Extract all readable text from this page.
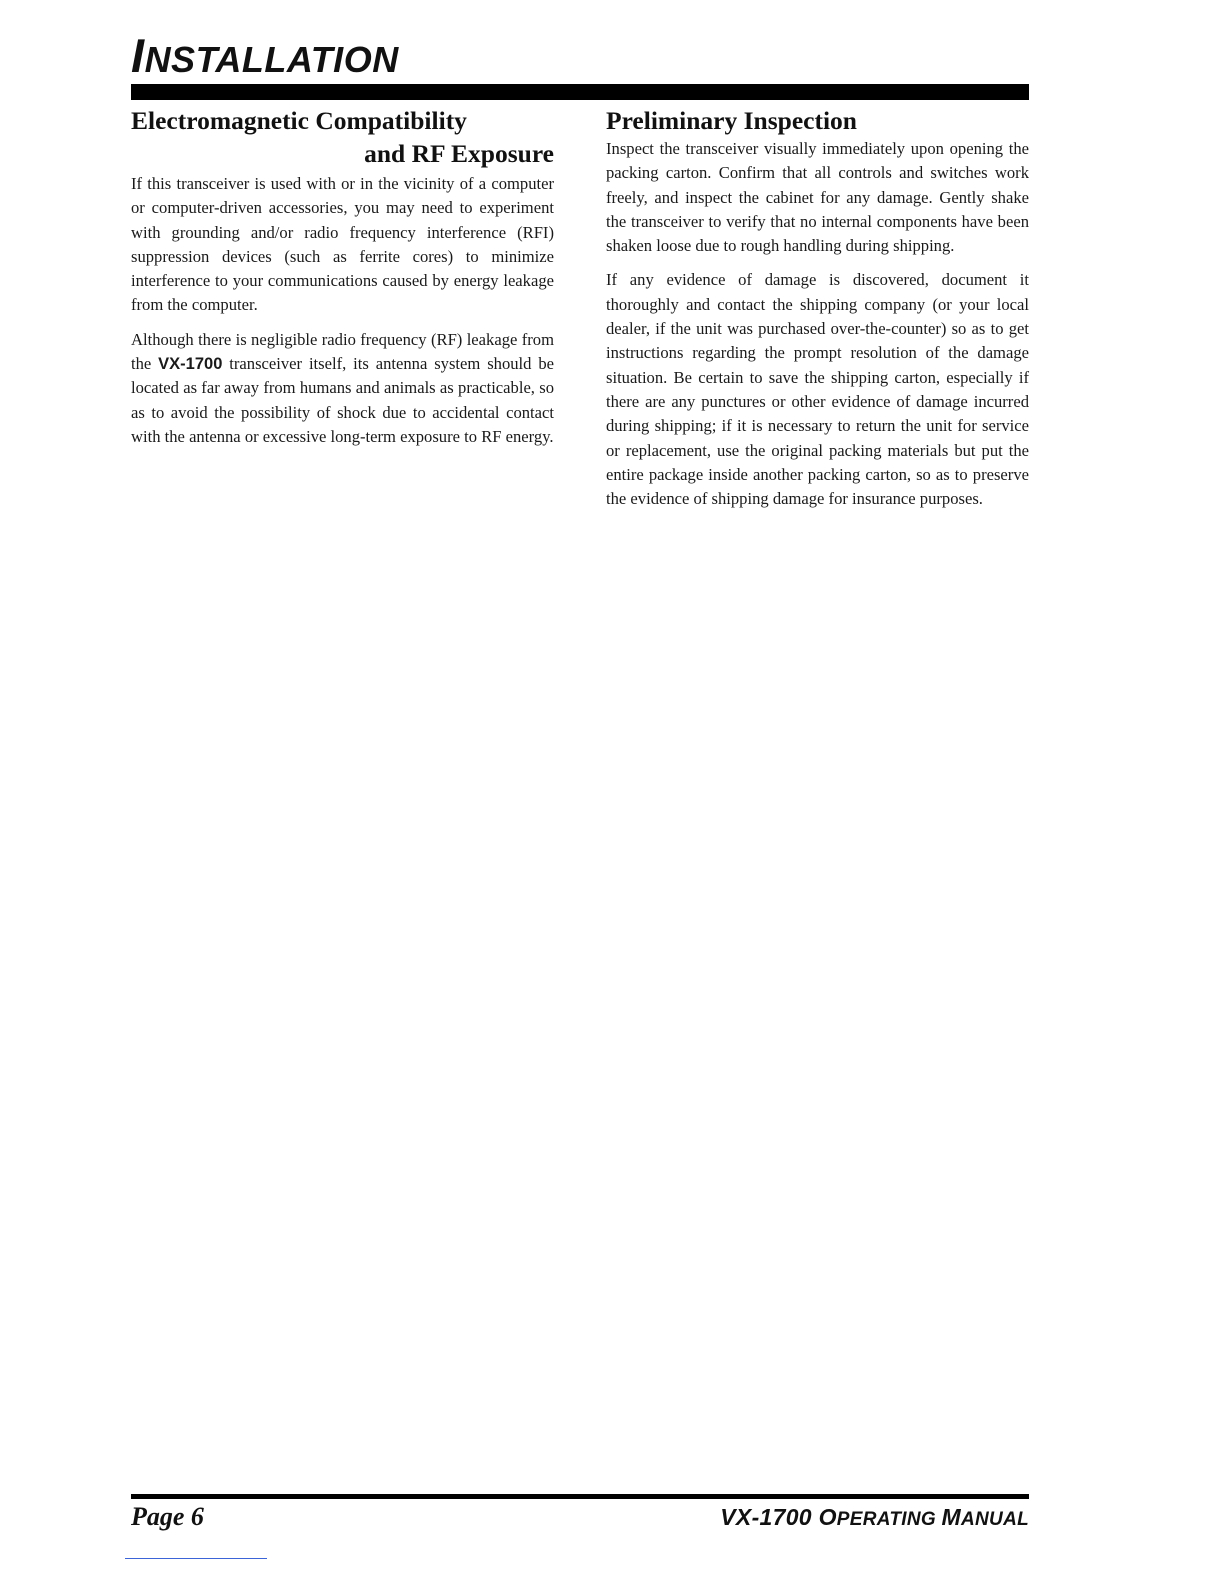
INSTALLATION
Electromagnetic Compatibility
and RF Exposure

If this transceiver is used with or in the vicinity of a computer or computer-driven accessories, you may need to experiment with grounding and/or radio frequency interference (RFI) suppression devices (such as ferrite cores) to minimize interference to your communications caused by energy leakage from the computer.

Although there is negligible radio frequency (RF) leakage from the VX-1700 transceiver itself, its antenna system should be located as far away from humans and animals as practicable, so as to avoid the possibility of shock due to accidental contact with the antenna or excessive long-term exposure to RF energy.

Preliminary Inspection

Inspect the transceiver visually immediately upon opening the packing carton. Confirm that all controls and switches work freely, and inspect the cabinet for any damage. Gently shake the transceiver to verify that no internal components have been shaken loose due to rough handling during shipping.

If any evidence of damage is discovered, document it thoroughly and contact the shipping company (or your local dealer, if the unit was purchased over-the-counter) so as to get instructions regarding the prompt resolution of the damage situation. Be certain to save the shipping carton, especially if there are any punctures or other evidence of damage incurred during shipping; if it is necessary to return the unit for service or replacement, use the original packing materials but put the entire package inside another packing carton, so as to preserve the evidence of shipping damage for insurance purposes.

Page 6	VX-1700 OPERATING MANUAL
